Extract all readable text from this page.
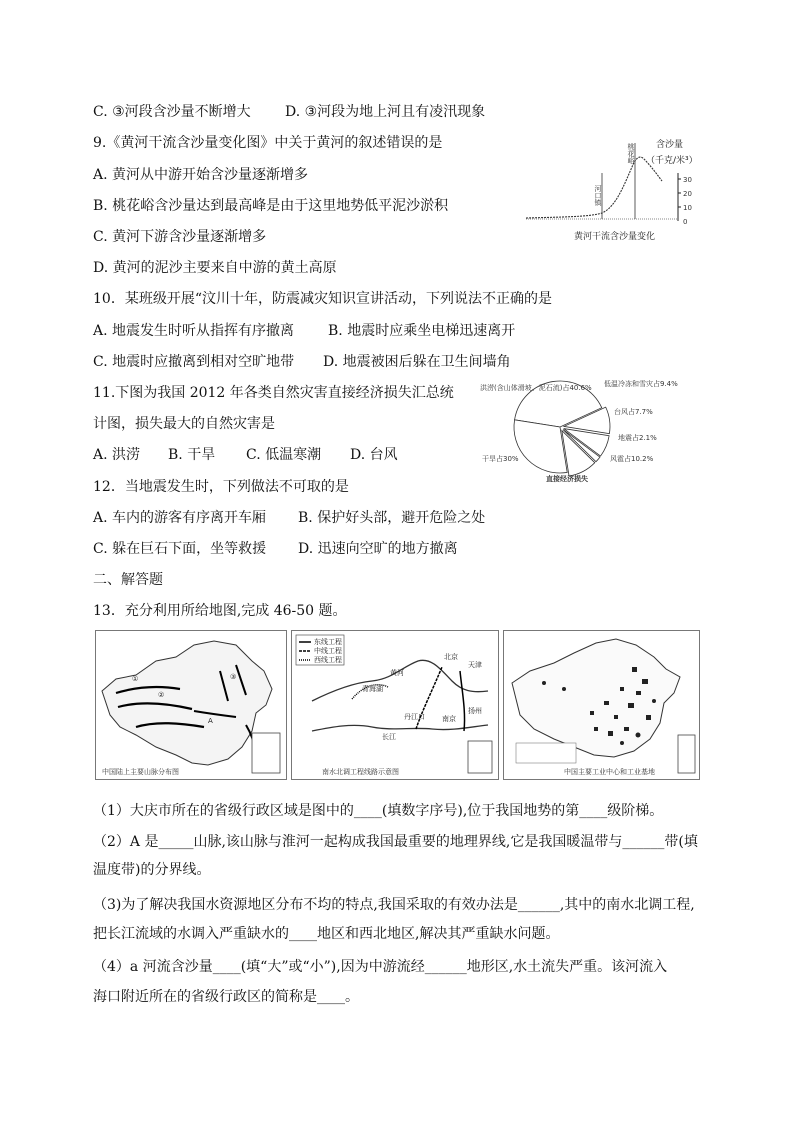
C. ③河段含沙量不断增大 D. ③河段为地上河且有凌汛现象
9.《黄河干流含沙量变化图》中关于黄河的叙述错误的是
A. 黄河从中游开始含沙量逐渐增多
B. 桃花峪含沙量达到最高峰是由于这里地势低平泥沙淤积
C. 黄河下游含沙量逐渐增多
D. 黄河的泥沙主要来自中游的黄土高原
10．某班级开展“汶川十年，防震减灾知识宣讲活动，下列说法不正确的是
A. 地震发生时听从指挥有序撤离 B. 地震时应乘坐电梯迅速离开
C. 地震时应撤离到相对空旷地带 D. 地震被困后躲在卫生间墙角
11.下图为我国 2012 年各类自然灾害直接经济损失汇总统
计图，损失最大的自然灾害是
A. 洪涝 B. 干旱 C. 低温寒潮 D. 台风
12．当地震发生时，下列做法不可取的是
A. 车内的游客有序离开车厢 B. 保护好头部，避开危险之处
C. 躲在巨石下面，坐等救援 D. 迅速向空旷的地方撤离
二、解答题
13．充分利用所给地图,完成 46-50 题。
（1）大庆市所在的省级行政区域是图中的____(填数字序号),位于我国地势的第____级阶梯。
（2）A 是_____山脉,该山脉与淮河一起构成我国最重要的地理界线,它是我国暖温带与______带(填
温度带)的分界线。
（3)为了解决我国水资源地区分布不均的特点,我国采取的有效办法是______,其中的南水北调工程,
把长江流域的水调入严重缺水的____地区和西北地区,解决其严重缺水问题。
（4）a 河流含沙量____(填“大”或“小”),因为中游流经______地形区,水土流失严重。该河流入
海口附近所在的省级行政区的简称是____。
含沙量
（千克/米³）
30
20
10
0
河口镇
桃花峪
黄河干流含沙量变化
洪涝(含山体滑坡、泥石流)占40.6% 低温冷冻和雪灾占9.4%
台风占7.7%
地震占2.1%
风雹占10.2%
干旱占30%
直接经济损失
①
②
③
A
中国陆上主要山脉分布图
东线工程
中线工程
西线工程
青海湖
黄河
长江
丹江口
北京
天津
南京
扬州
南水北调工程线路示意图	中国主要工业中心和工业基地
